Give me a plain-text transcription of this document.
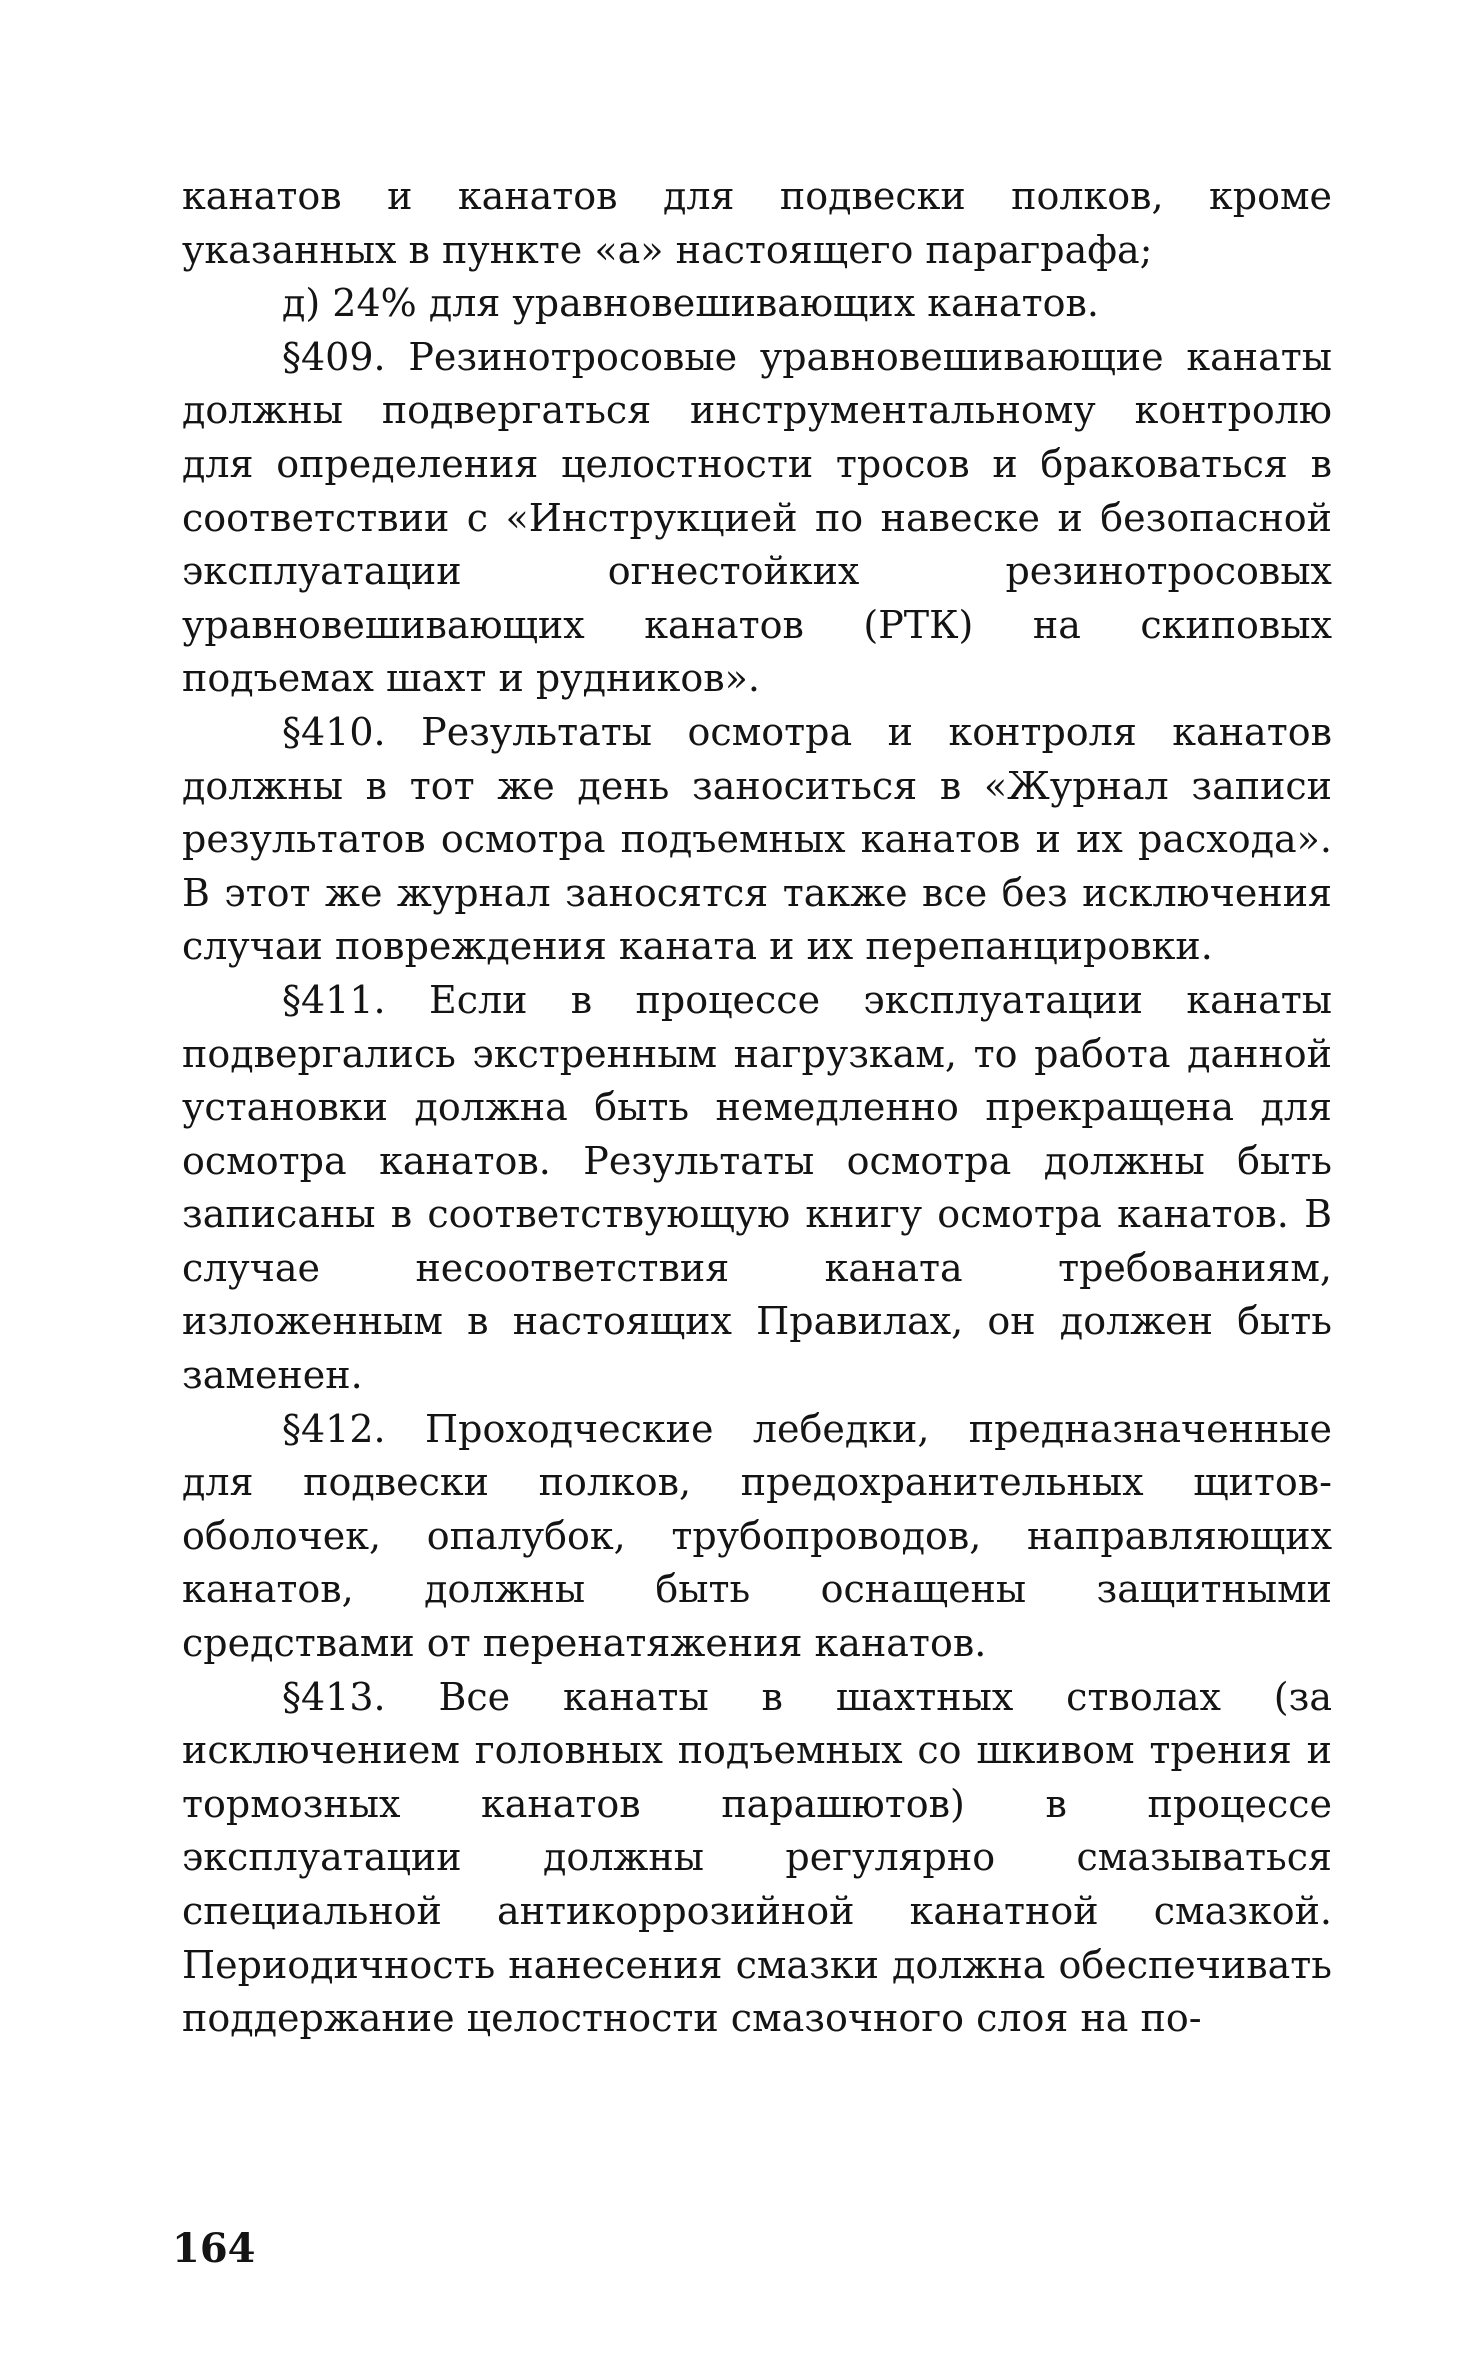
канатов и канатов для подвески полков, кроме указанных в пункте «а» настоящего параграфа;

д) 24% для уравновешивающих канатов.

§409. Резинотросовые уравновешивающие канаты должны подвергаться инструментальному контролю для определения целостности тросов и браковаться в соответствии с «Инструкцией по навеске и безопасной эксплуатации огнестойких резинотросовых уравновешивающих канатов (РТК) на скиповых подъемах шахт и рудников».

§410. Результаты осмотра и контроля канатов должны в тот же день заноситься в «Журнал записи результатов осмотра подъемных канатов и их расхода». В этот же журнал заносятся также все без исключения случаи повреждения каната и их перепанцировки.

§411. Если в процессе эксплуатации канаты подвергались экстренным нагрузкам, то работа данной установки должна быть немедленно прекращена для осмотра канатов. Результаты осмотра должны быть записаны в соответствующую книгу осмотра канатов. В случае несоответствия каната требованиям, изложенным в настоящих Правилах, он должен быть заменен.

§412. Проходческие лебедки, предназначенные для подвески полков, предохранительных щитов-оболочек, опалубок, трубопроводов, направляющих канатов, должны быть оснащены защитными средствами от перенатяжения канатов.

§413. Все канаты в шахтных стволах (за исключением головных подъемных со шкивом трения и тормозных канатов парашютов) в процессе эксплуатации должны регулярно смазываться специальной антикоррозийной канатной смазкой. Периодичность нанесения смазки должна обеспечивать поддержание целостности смазочного слоя на по-

164
